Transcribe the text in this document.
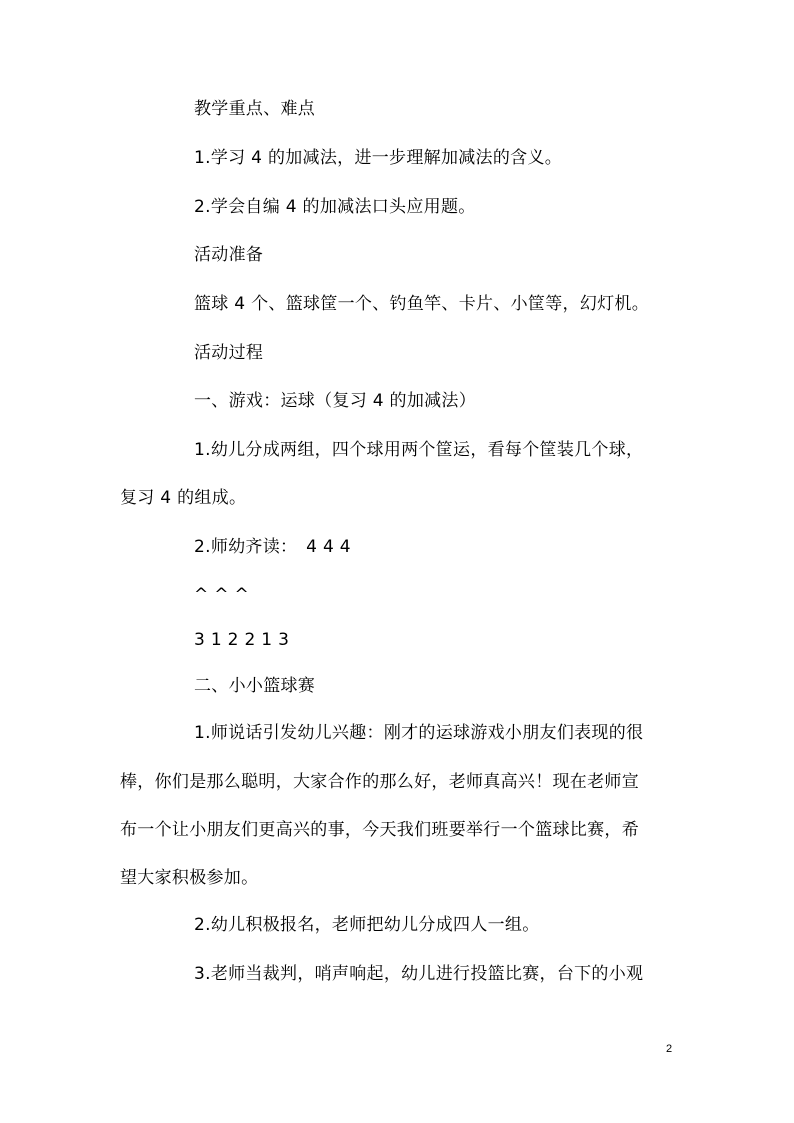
教学重点、难点
1.学习 4 的加减法，进一步理解加减法的含义。
2.学会自编 4 的加减法口头应用题。
活动准备
篮球 4 个、篮球筐一个、钓鱼竿、卡片、小筐等，幻灯机。
活动过程
一、游戏：运球（复习 4 的加减法）
1.幼儿分成两组，四个球用两个筐运，看每个筐装几个球，
复习 4 的组成。
2.师幼齐读：　4 4 4
^ ^ ^
3 1 2 2 1 3
二、小小篮球赛
1.师说话引发幼儿兴趣：刚才的运球游戏小朋友们表现的很
棒，你们是那么聪明，大家合作的那么好，老师真高兴！现在老师宣
布一个让小朋友们更高兴的事，今天我们班要举行一个篮球比赛，希
望大家积极参加。
2.幼儿积极报名，老师把幼儿分成四人一组。
3.老师当裁判，哨声响起，幼儿进行投篮比赛，台下的小观
2
